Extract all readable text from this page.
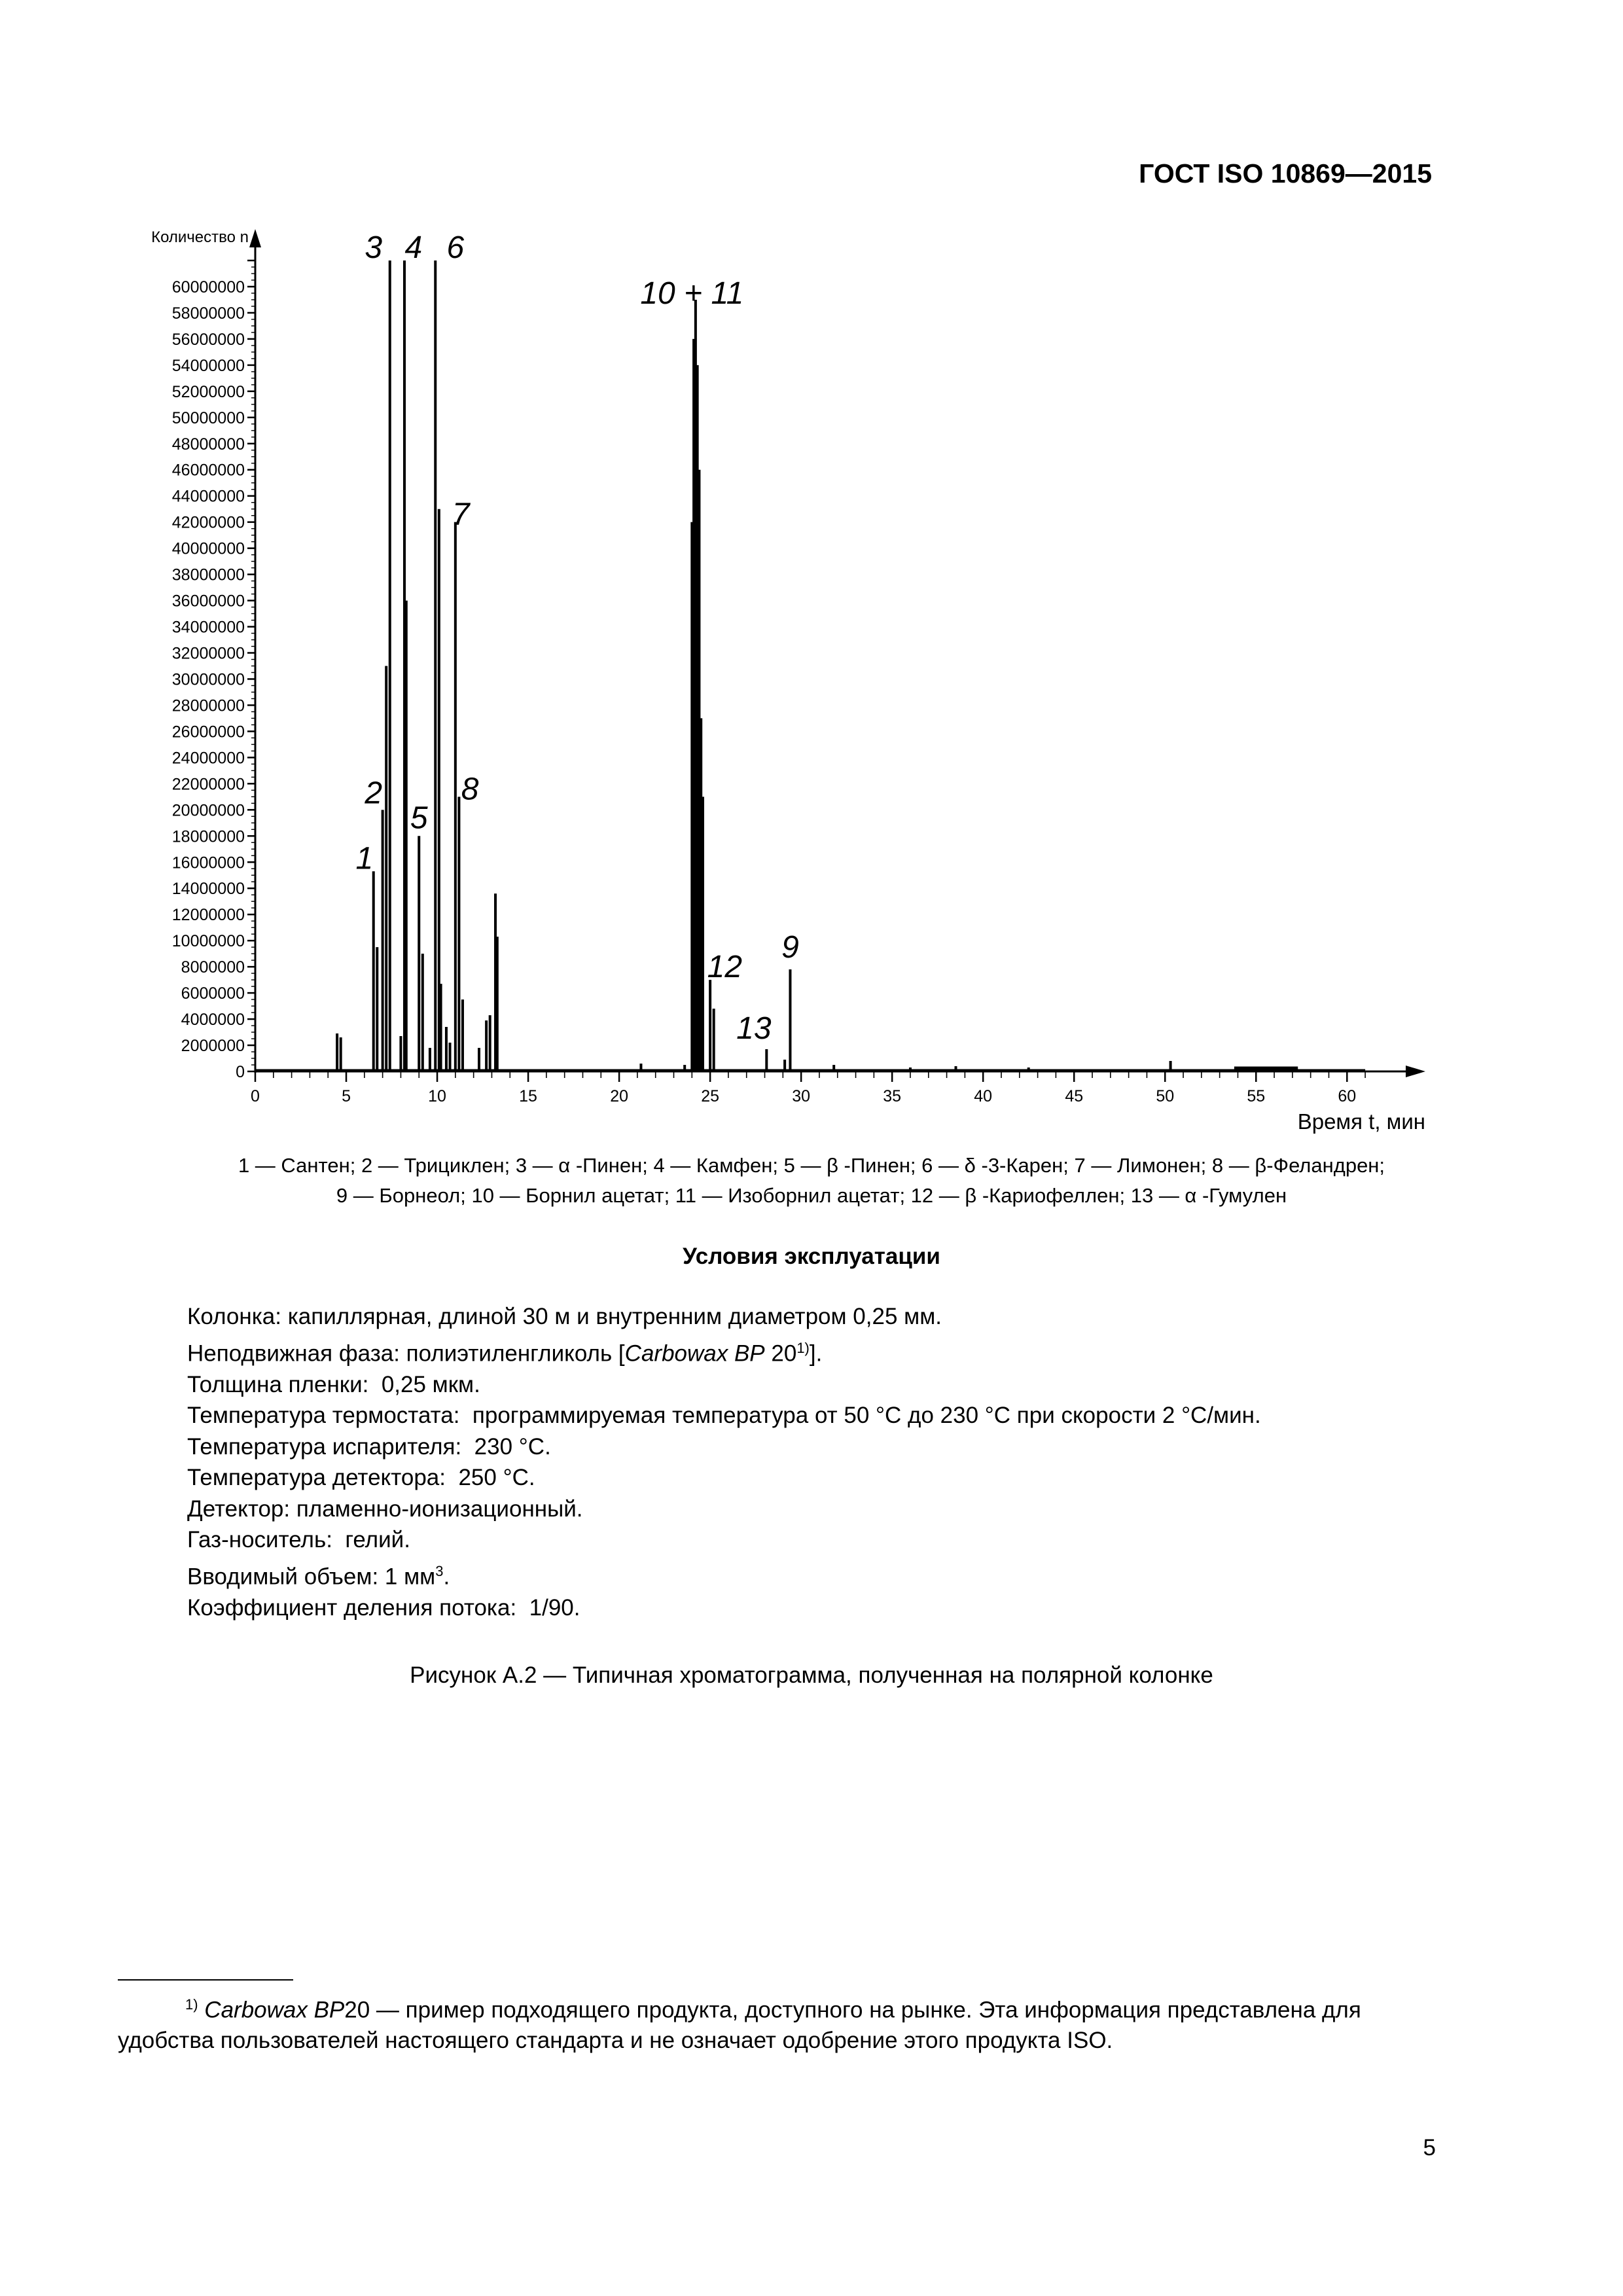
ГОСТ ISO 10869—2015
Количество n
Время t, мин
0
2000000
4000000
6000000
8000000
10000000
12000000
14000000
16000000
18000000
20000000
22000000
24000000
26000000
28000000
30000000
32000000
34000000
36000000
38000000
40000000
42000000
44000000
46000000
48000000
50000000
52000000
54000000
56000000
58000000
60000000
0	5	10	15	20	25	30	35	40	45	50	55	60
1
2
3 4 6
5
7
8
10 + 11
12
13
9
1 — Сантен; 2 — Трициклен; 3 — α -Пинен; 4 — Камфен; 5 — β -Пинен; 6 — δ -3-Карен; 7 — Лимонен; 8 — β-Феландрен;
9 — Борнеол; 10 — Борнил ацетат; 11 — Изоборнил ацетат; 12 — β -Кариофеллен; 13 — α -Гумулен
Условия эксплуатации
Колонка: капиллярная, длиной 30 м и внутренним диаметром 0,25 мм.
Неподвижная фаза: полиэтиленгликоль [Carbowax BP 20$^{1)}$].
Толщина пленки:  0,25 мкм.
Температура термостата:  программируемая температура от 50 °С до 230 °С при скорости 2 °С/мин.
Температура испарителя:  230 °С.
Температура детектора:  250 °С.
Детектор: пламенно-ионизационный.
Газ-носитель:  гелий.
Вводимый объем: 1 $мм^3$.
Коэффициент деления потока:  1/90.
Рисунок А.2 — Типичная хроматограмма, полученная на полярной колонке
$^{1)}$ Carbowax BP20 — пример подходящего продукта, доступного на рынке. Эта информация представлена для
удобства пользователей настоящего стандарта и не означает одобрение этого продукта ISO.
5
